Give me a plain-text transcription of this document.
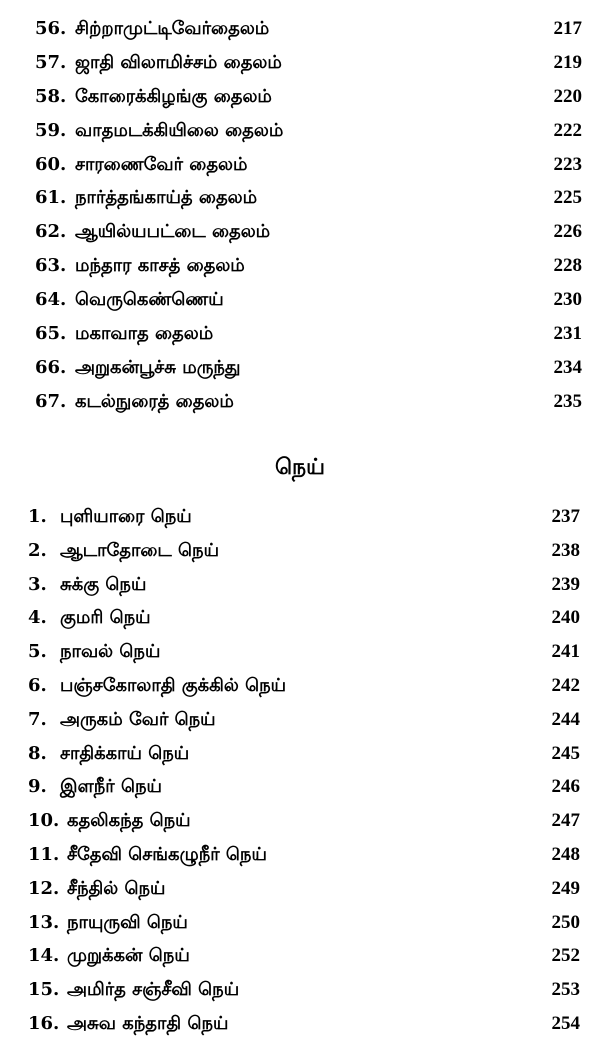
56. சிற்றாமுட்டிவேர்தைலம்	217
57. ஜாதி விலாமிச்சம் தைலம்	219
58. கோரைக்கிழங்கு தைலம்	220
59. வாதமடக்கியிலை தைலம்	222
60. சாரணைவேர் தைலம்	223
61. நார்த்தங்காய்த் தைலம்	225
62. ஆயில்யபட்டை தைலம்	226
63. மந்தார காசத் தைலம்	228
64. வெருகெண்ணெய்	230
65. மகாவாத தைலம்	231
66. அறுகன்பூச்சு மருந்து	234
67. கடல்நுரைத் தைலம்	235
நெய்
1. புளியாரை நெய்	237
2. ஆடாதோடை நெய்	238
3. சுக்கு நெய்	239
4. குமரி நெய்	240
5. நாவல் நெய்	241
6. பஞ்சகோலாதி குக்கில் நெய்	242
7. அருகம் வேர் நெய்	244
8. சாதிக்காய் நெய்	245
9. இளநீர் நெய்	246
10. கதலிகந்த நெய்	247
11. சீதேவி செங்கழுநீர் நெய்	248
12. சீந்தில் நெய்	249
13. நாயுருவி நெய்	250
14. முறுக்கன் நெய்	252
15. அமிர்த சஞ்சீவி நெய்	253
16. அசுவ கந்தாதி நெய்	254
